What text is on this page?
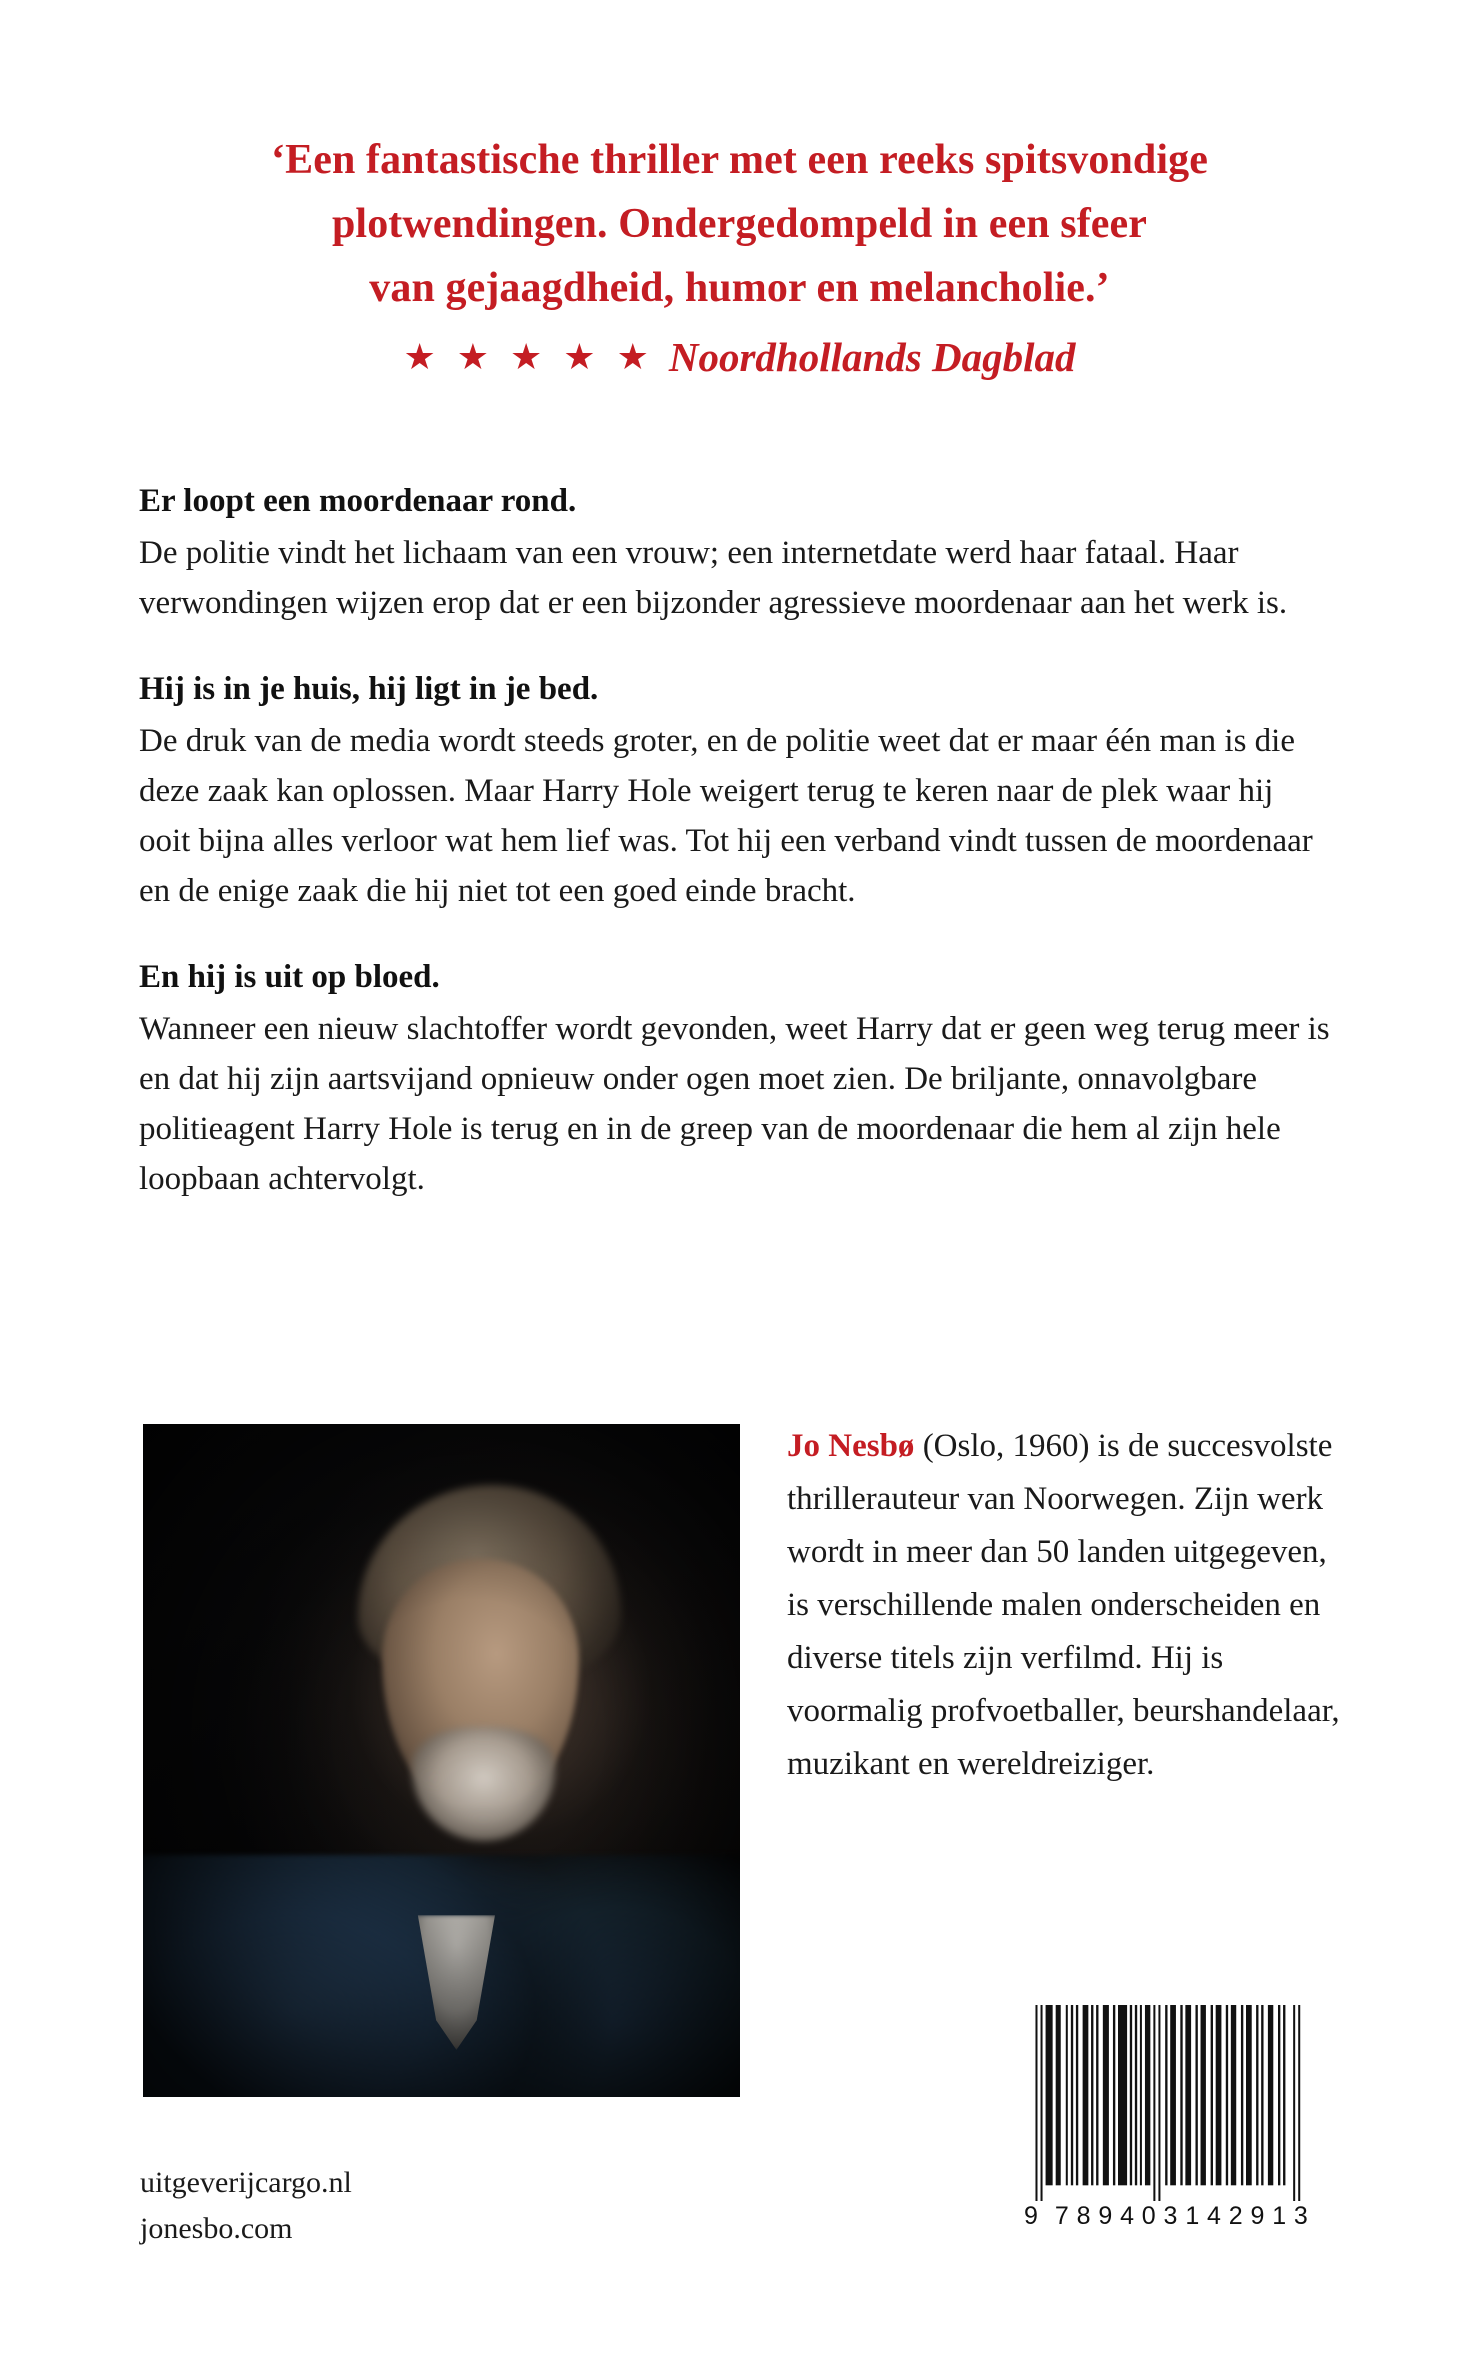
‘Een fantastische thriller met een reeks spitsvondige
plotwendingen. Ondergedompeld in een sfeer
van gejaagdheid, humor en melancholie.’
★ ★ ★ ★ ★ Noordhollands Dagblad

Er loopt een moordenaar rond.

De politie vindt het lichaam van een vrouw; een internetdate werd haar fataal. Haar verwondingen wijzen erop dat er een bijzonder agressieve moordenaar aan het werk is.

Hij is in je huis, hij ligt in je bed.

De druk van de media wordt steeds groter, en de politie weet dat er maar één man is die deze zaak kan oplossen. Maar Harry Hole weigert terug te keren naar de plek waar hij ooit bijna alles verloor wat hem lief was. Tot hij een verband vindt tussen de moordenaar en de enige zaak die hij niet tot een goed einde bracht.

En hij is uit op bloed.

Wanneer een nieuw slachtoffer wordt gevonden, weet Harry dat er geen weg terug meer is en dat hij zijn aartsvijand opnieuw onder ogen moet zien. De briljante, onnavolgbare politieagent Harry Hole is terug en in de greep van de moordenaar die hem al zijn hele loopbaan achtervolgt.

Jo Nesbø (Oslo, 1960) is de succesvolste thrillerauteur van Noorwegen. Zijn werk wordt in meer dan 50 landen uitgegeven, is verschillende malen onderscheiden en diverse titels zijn verfilmd. Hij is voormalig profvoetballer, beurshandelaar, muzikant en wereldreiziger.
uitgeverijcargo.nl
jonesbo.com	9 7 8 9 4 0 3 1 4 2 9 1 3
